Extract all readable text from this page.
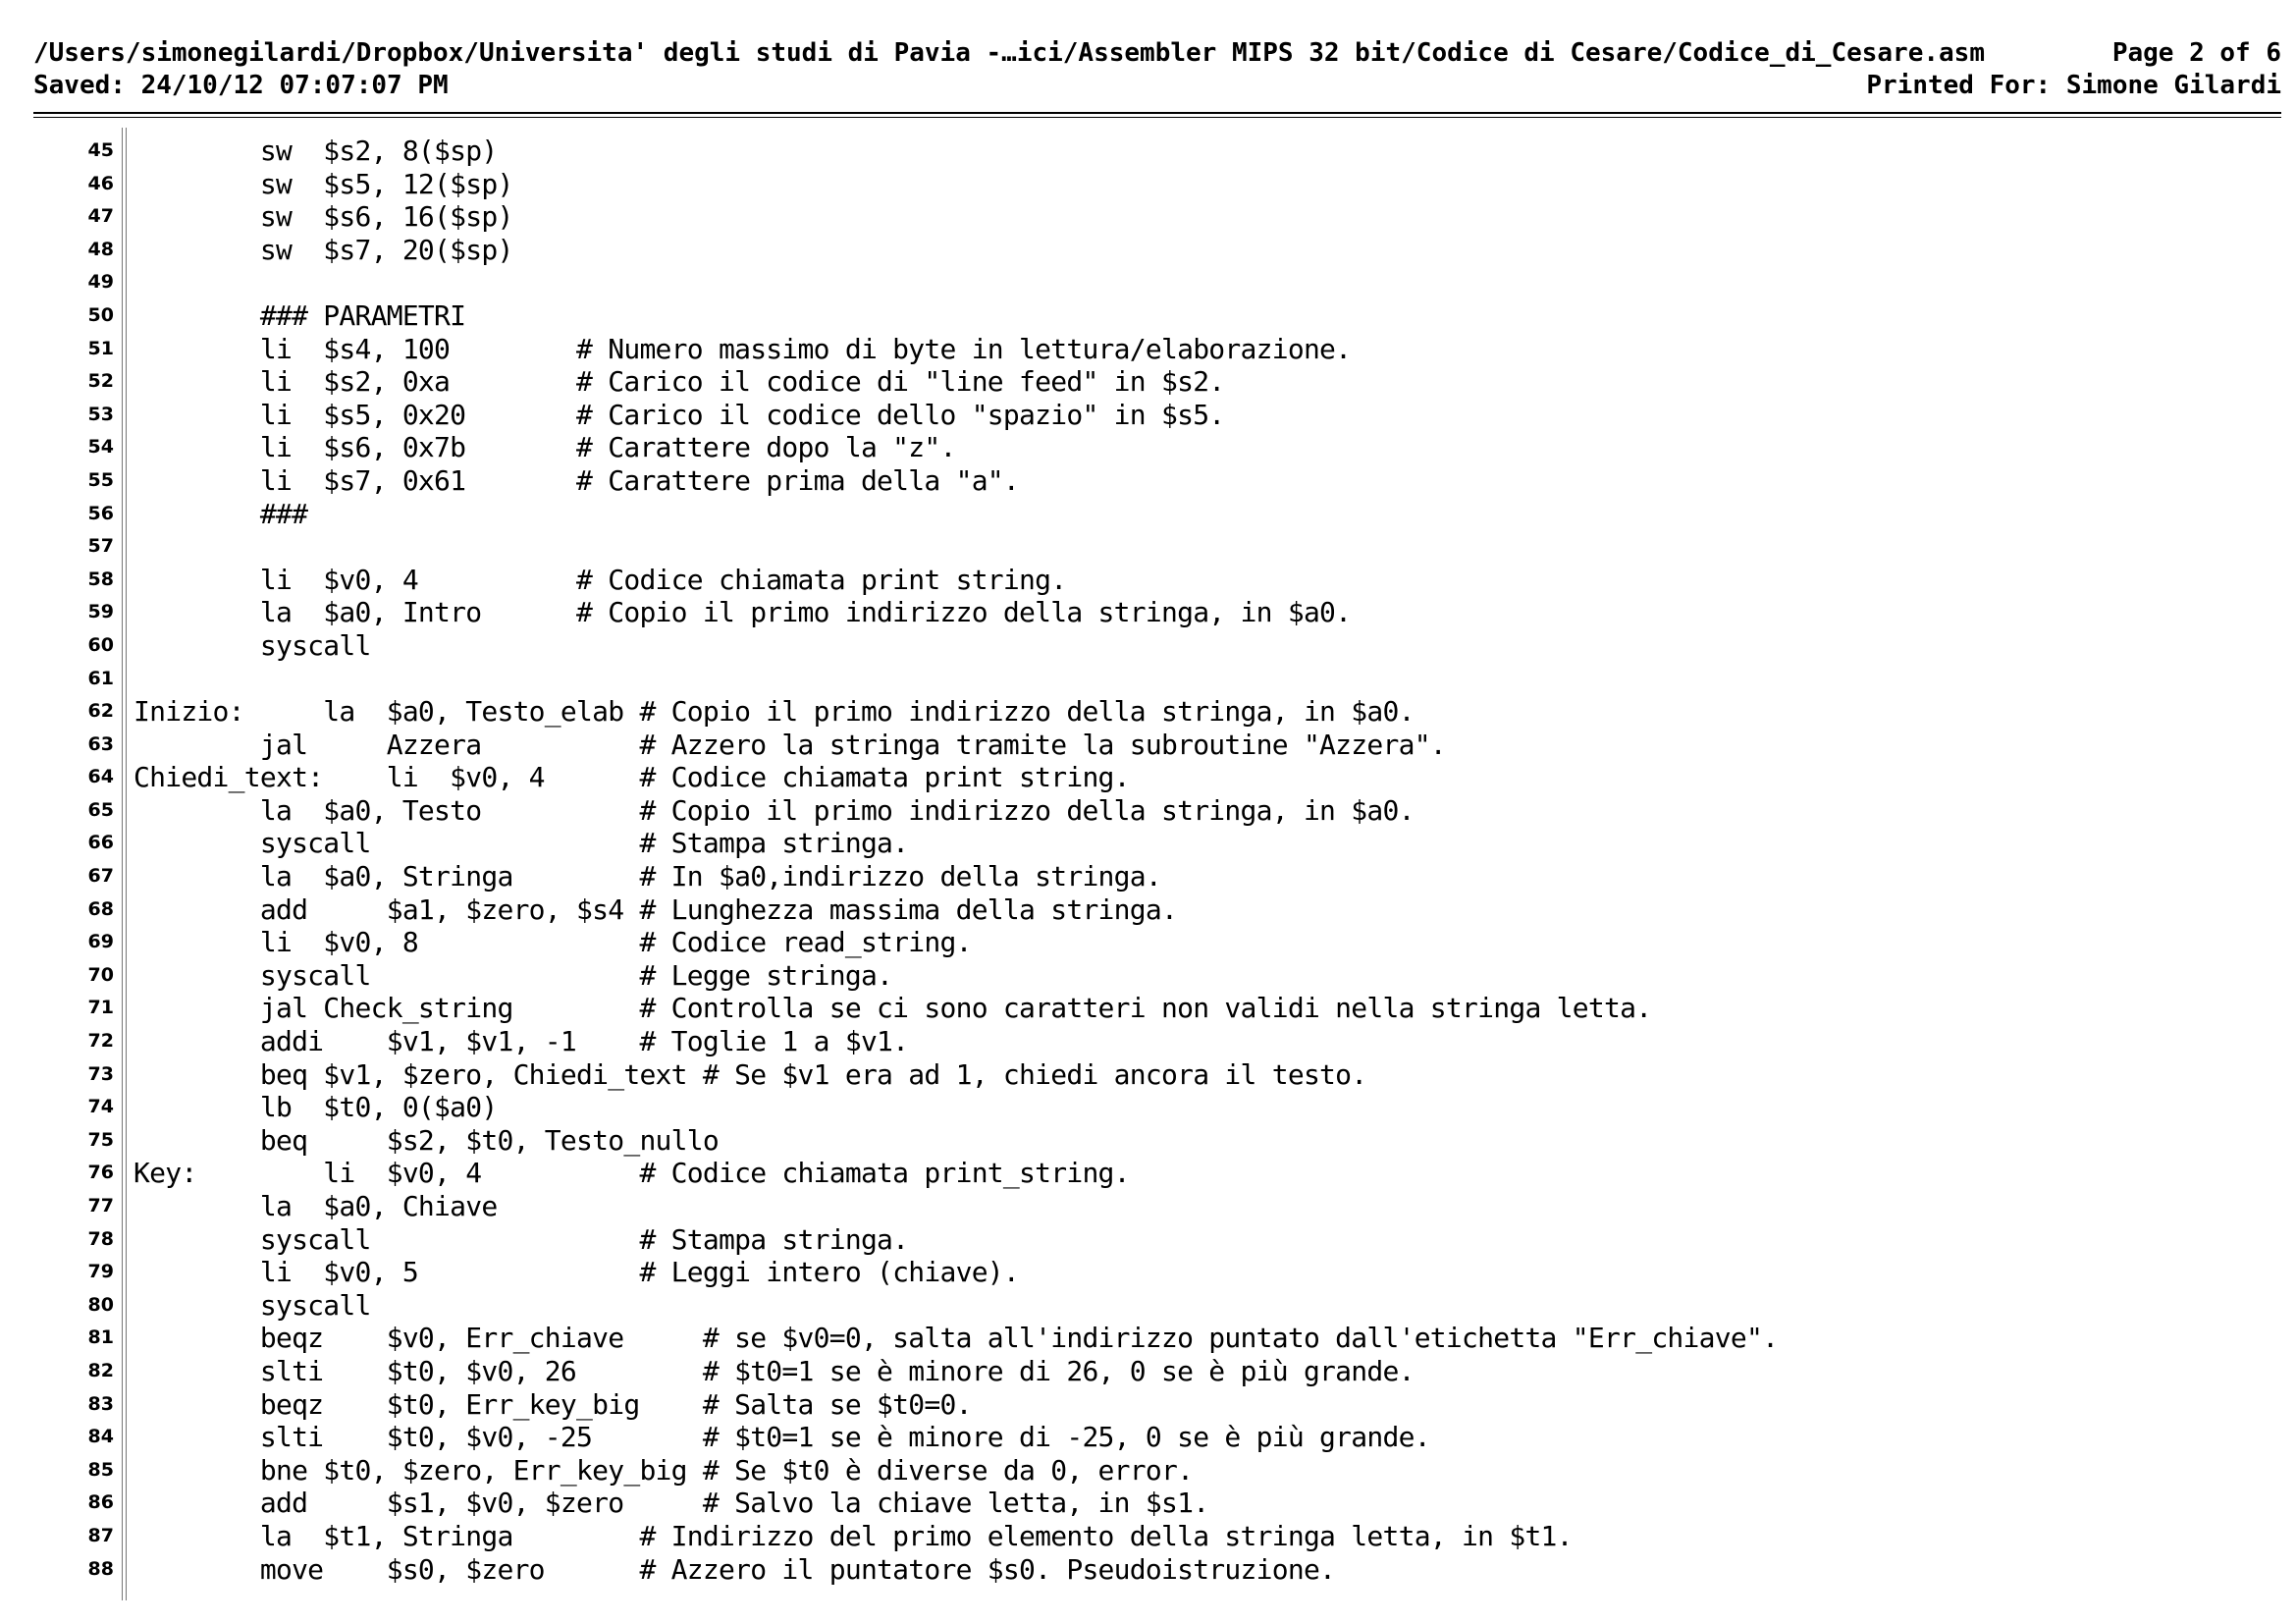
/Users/simonegilardi/Dropbox/Universita' degli studi di Pavia -…ici/Assembler MIPS 32 bit/Codice di Cesare/Codice_di_Cesare.asm

	Page 2 of 6

Saved: 24/10/12 07:07:07 PM

	Printed For: Simone Gilardi

45 sw  $s2, 8($sp)
46 sw  $s5, 12($sp)
47 sw  $s6, 16($sp)
48 sw  $s7, 20($sp)
49
50 ### PARAMETRI
51 li  $s4, 100        # Numero massimo di byte in lettura/elaborazione.
52 li  $s2, 0xa        # Carico il codice di "line feed" in $s2.
53 li  $s5, 0x20       # Carico il codice dello "spazio" in $s5.
54 li  $s6, 0x7b       # Carattere dopo la "z".
55 li  $s7, 0x61       # Carattere prima della "a".
56 ###
57
58 li  $v0, 4          # Codice chiamata print string.
59 la  $a0, Intro      # Copio il primo indirizzo della stringa, in $a0.
60 syscall
61
62 Inizio:     la  $a0, Testo_elab # Copio il primo indirizzo della stringa, in $a0.
63 jal     Azzera          # Azzero la stringa tramite la subroutine "Azzera".
64 Chiedi_text:    li  $v0, 4      # Codice chiamata print string.
65 la  $a0, Testo          # Copio il primo indirizzo della stringa, in $a0.
66 syscall                 # Stampa stringa.
67 la  $a0, Stringa        # In $a0,indirizzo della stringa.
68 add     $a1, $zero, $s4 # Lunghezza massima della stringa.
69 li  $v0, 8              # Codice read_string.
70 syscall                 # Legge stringa.
71 jal Check_string        # Controlla se ci sono caratteri non validi nella stringa letta.
72 addi    $v1, $v1, -1    # Toglie 1 a $v1.
73 beq $v1, $zero, Chiedi_text # Se $v1 era ad 1, chiedi ancora il testo.
74 lb  $t0, 0($a0)
75 beq     $s2, $t0, Testo_nullo
76 Key:        li  $v0, 4          # Codice chiamata print_string.
77 la  $a0, Chiave
78 syscall                 # Stampa stringa.
79 li  $v0, 5              # Leggi intero (chiave).
80 syscall
81 beqz    $v0, Err_chiave     # se $v0=0, salta all'indirizzo puntato dall'etichetta "Err_chiave".
82 slti    $t0, $v0, 26        # $t0=1 se è minore di 26, 0 se è più grande.
83 beqz    $t0, Err_key_big    # Salta se $t0=0.
84 slti    $t0, $v0, -25       # $t0=1 se è minore di -25, 0 se è più grande.
85 bne $t0, $zero, Err_key_big # Se $t0 è diverse da 0, error.
86 add     $s1, $v0, $zero     # Salvo la chiave letta, in $s1.
87 la  $t1, Stringa        # Indirizzo del primo elemento della stringa letta, in $t1.
88 move    $s0, $zero      # Azzero il puntatore $s0. Pseudoistruzione.
